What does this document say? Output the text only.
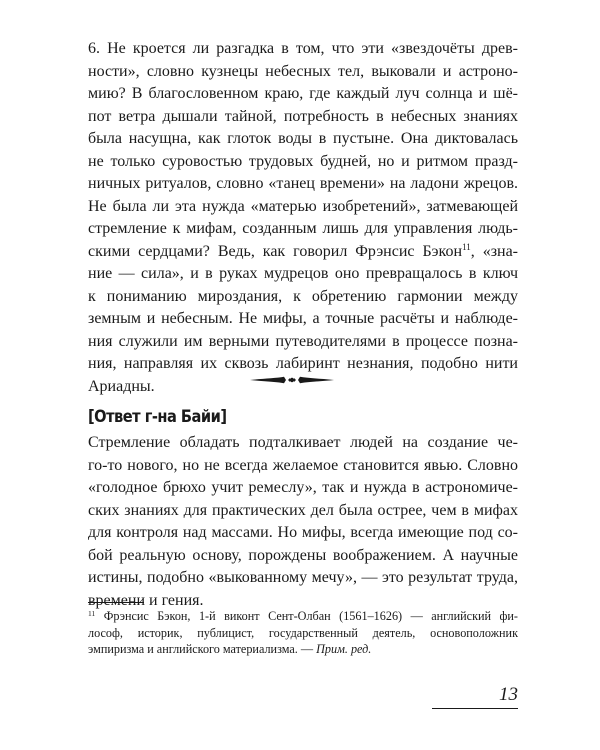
6. Не кроется ли разгадка в том, что эти «звездочёты древ-
ности», словно кузнецы небесных тел, выковали и астроно-
мию? В благословенном краю, где каждый луч солнца и шё-
пот ветра дышали тайной, потребность в небесных знаниях
была насущна, как глоток воды в пустыне. Она диктовалась
не только суровостью трудовых будней, но и ритмом празд-
ничных ритуалов, словно «танец времени» на ладони жрецов.
Не была ли эта нужда «матерью изобретений», затмевающей
стремление к мифам, созданным лишь для управления людь-
скими сердцами? Ведь, как говорил Фрэнсис Бэкон$^{11}$, «зна-
ние — сила», и в руках мудрецов оно превращалось в ключ
к пониманию мироздания, к обретению гармонии между
земным и небесным. Не мифы, а точные расчёты и наблюде-
ния служили им верными путеводителями в процессе позна-
ния, направляя их сквозь лабиринт незнания, подобно нити
Ариадны.

[Ответ г-на Байи]

Стремление обладать подталкивает людей на создание че-
го-то нового, но не всегда желаемое становится явью. Словно
«голодное брюхо учит ремеслу», так и нужда в астрономиче-
ских знаниях для практических дел была острее, чем в мифах
для контроля над массами. Но мифы, всегда имеющие под со-
бой реальную основу, порождены воображением. А научные
истины, подобно «выкованному мечу», — это результат труда,
времени и гения.

$^{11}$ Фрэнсис Бэкон, 1-й виконт Сент-Олбан (1561–1626) — английский фи-
лософ, историк, публицист, государственный деятель, основоположник
эмпиризма и английского материализма. — Прим. ред.

13
